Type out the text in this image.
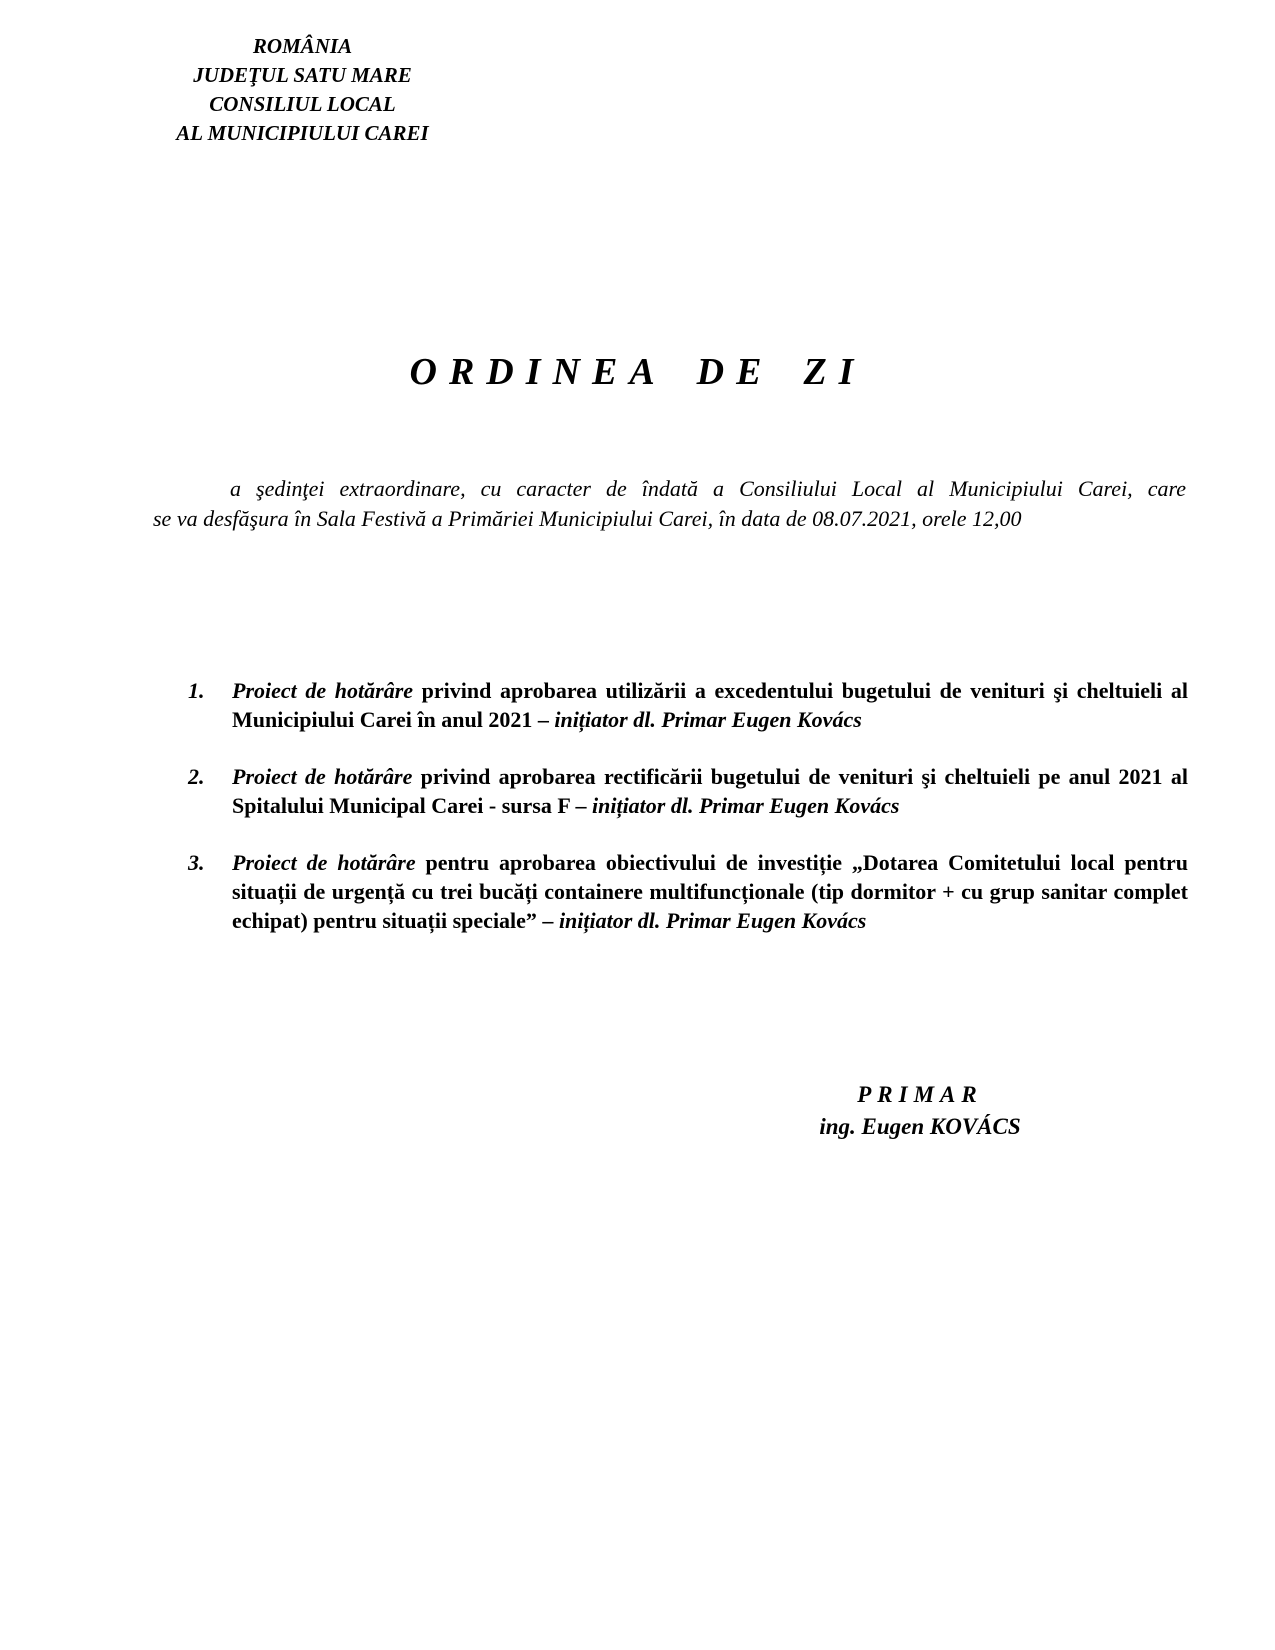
ROMÂNIA
JUDEŢUL SATU MARE
CONSILIUL LOCAL
AL MUNICIPIULUI CAREI
ORDINEA DE ZI
a şedinţei extraordinare, cu caracter de îndată a Consiliului Local al Municipiului Carei, care
se va desfăşura în Sala Festivă a Primăriei Municipiului Carei, în data de 08.07.2021, orele 12,00
1. Proiect de hotărâre privind aprobarea utilizării a excedentului bugetului de venituri şi cheltuieli al Municipiului Carei în anul 2021 – inițiator dl. Primar Eugen Kovács
2. Proiect de hotărâre privind aprobarea rectificării bugetului de venituri şi cheltuieli pe anul 2021 al Spitalului Municipal Carei - sursa F – inițiator dl. Primar Eugen Kovács
3. Proiect de hotărâre pentru aprobarea obiectivului de investiție „Dotarea Comitetului local pentru situații de urgență cu trei bucăți containere multifuncționale (tip dormitor + cu grup sanitar complet echipat) pentru situații speciale” – inițiator dl. Primar Eugen Kovács
PRIMAR
ing. Eugen KOVÁCS
